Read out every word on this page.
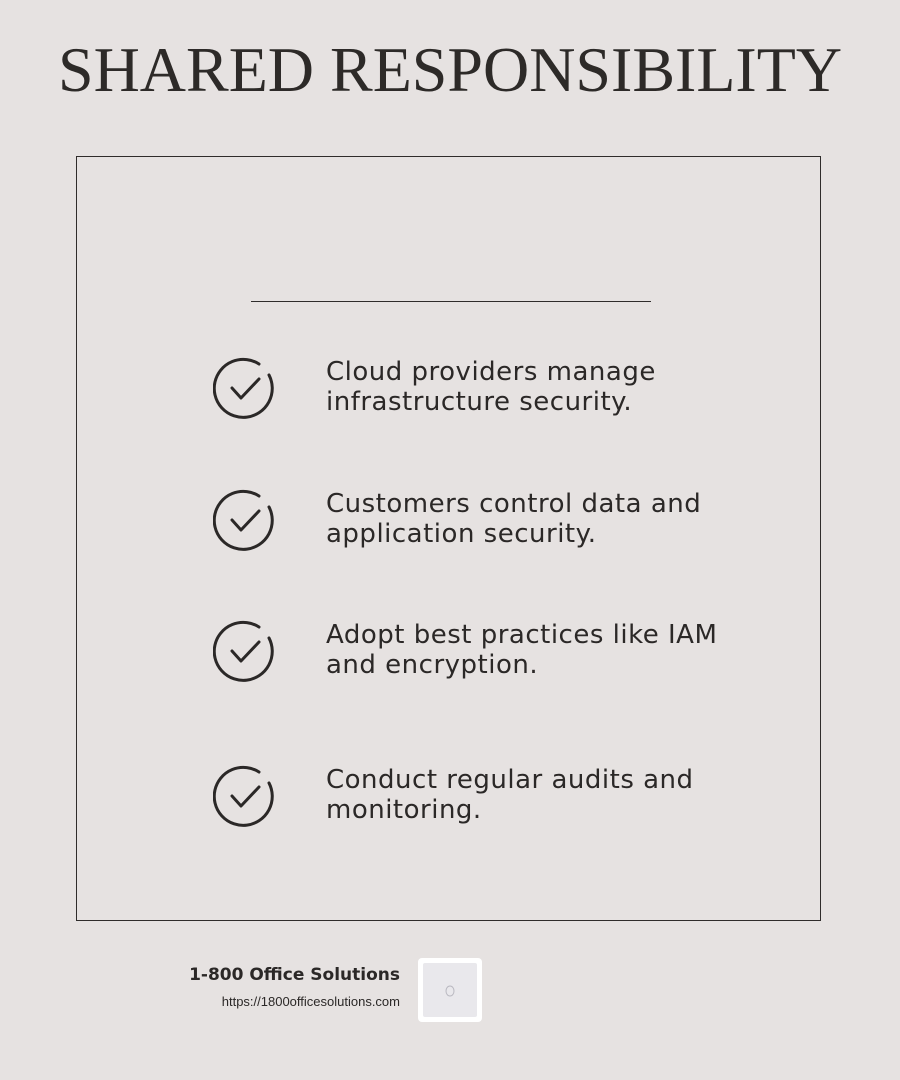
SHARED RESPONSIBILITY
Cloud providers manage
infrastructure security.
Customers control data and
application security.
Adopt best practices like IAM
and encryption.
Conduct regular audits and
monitoring.
1-800 Office Solutions
https://1800officesolutions.com
